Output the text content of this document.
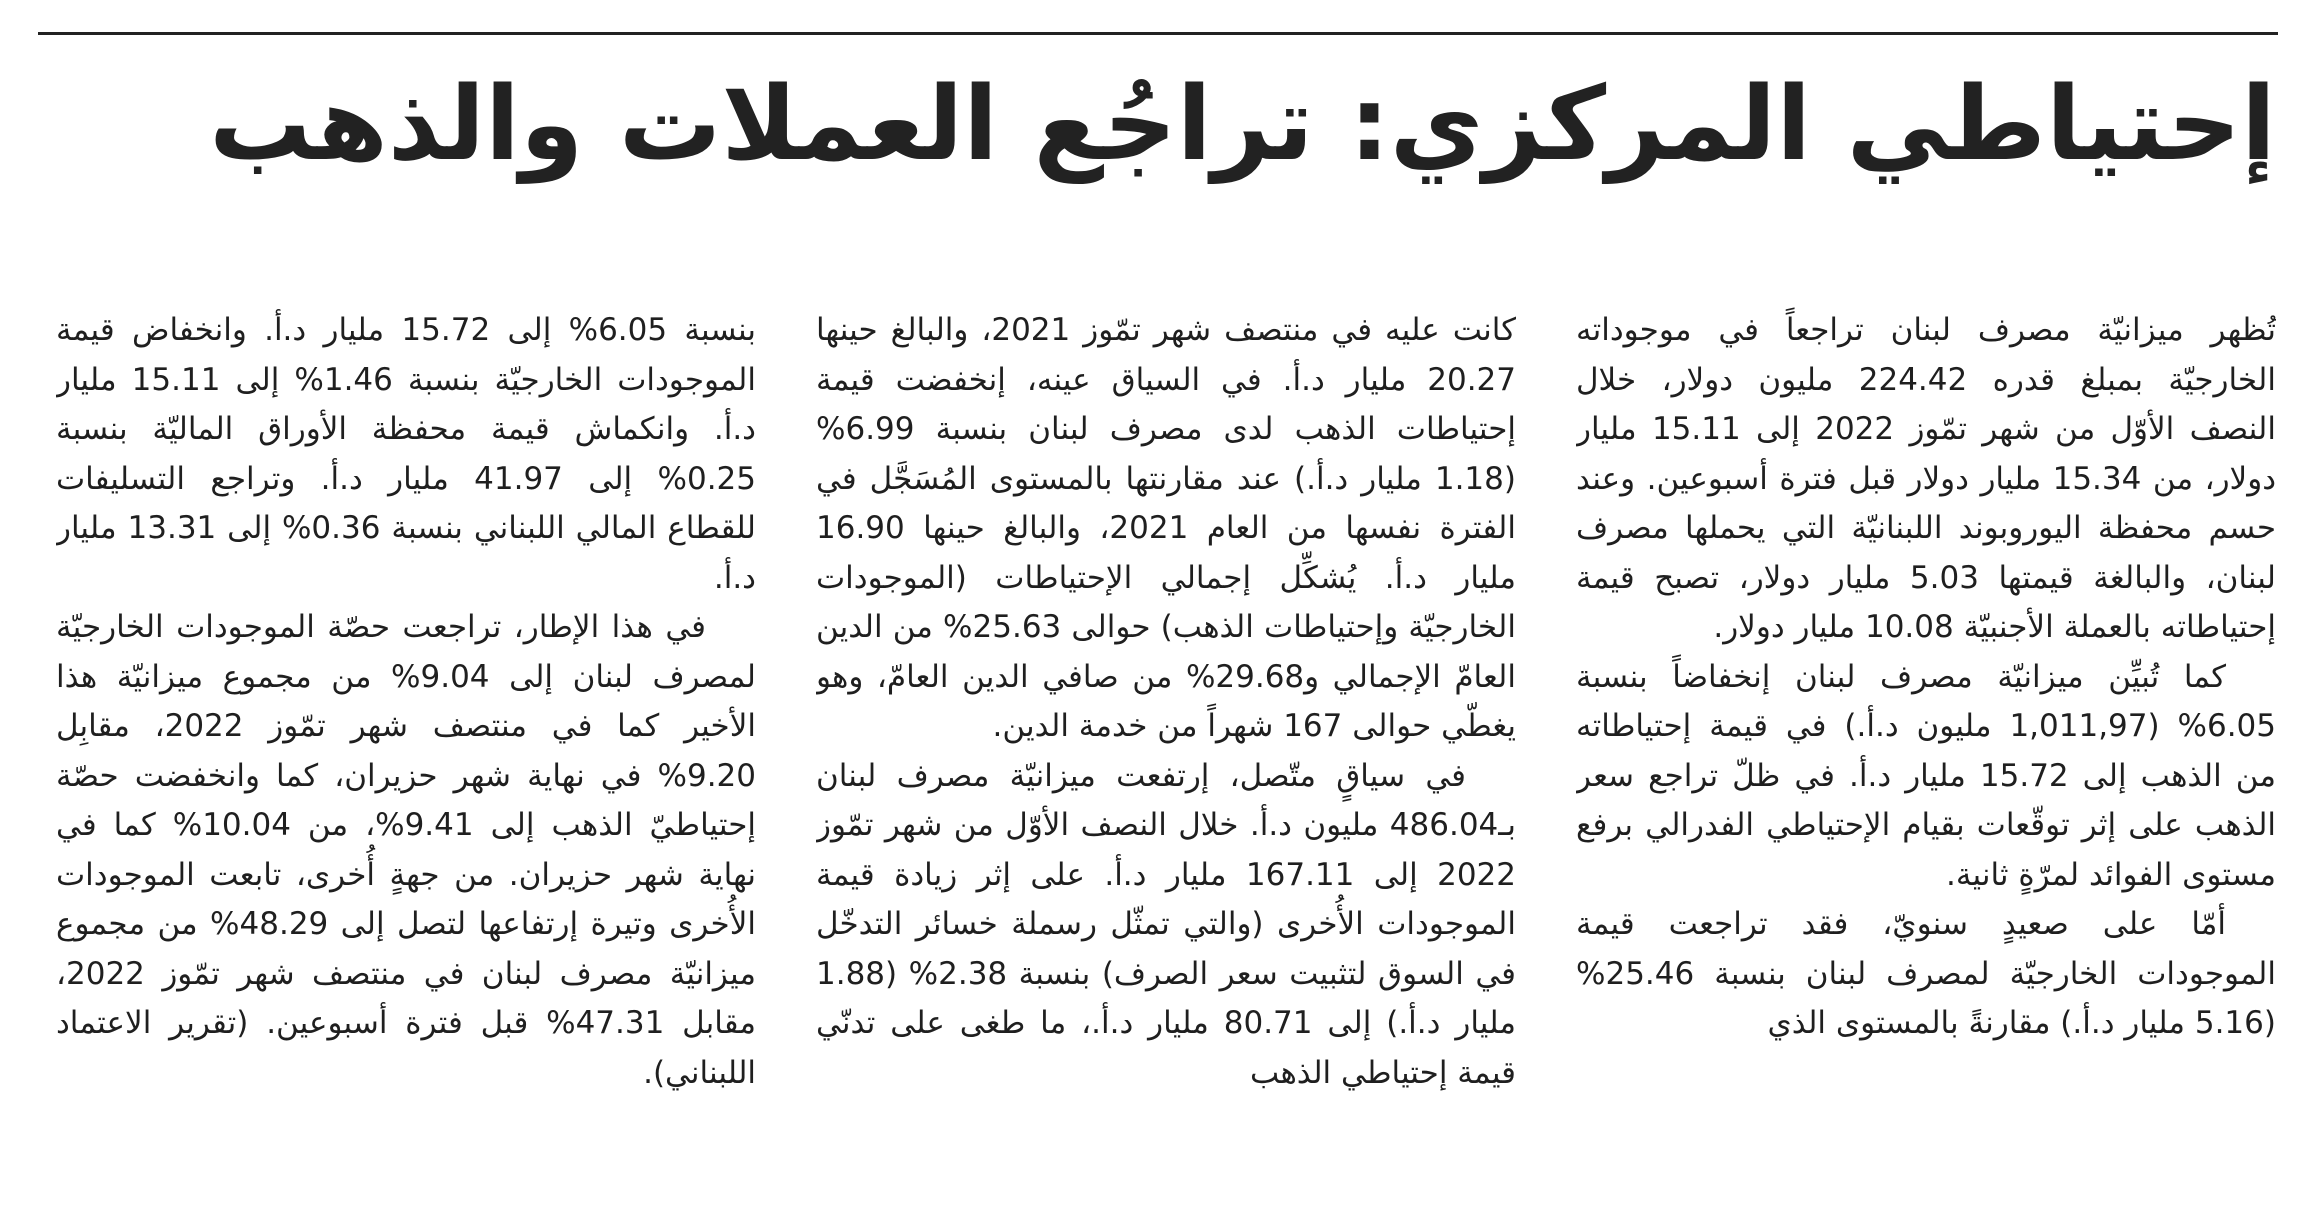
إحتياطي المركزي: تراجُع العملات والذهب

تُظهر ميزانيّة مصرف لبنان تراجعاً في موجوداته الخارجيّة بمبلغ قدره 224.42 مليون دولار، خلال النصف الأوّل من شهر تمّوز 2022 إلى 15.11 مليار دولار، من 15.34 مليار دولار قبل فترة أسبوعين. وعند حسم محفظة اليوروبوند اللبنانيّة التي يحملها مصرف لبنان، والبالغة قيمتها 5.03 مليار دولار، تصبح قيمة إحتياطاته بالعملة الأجنبيّة 10.08 مليار دولار.

كما تُبيِّن ميزانيّة مصرف لبنان إنخفاضاً بنسبة 6.05% (1,011,97 مليون د.أ.) في قيمة إحتياطاته من الذهب إلى 15.72 مليار د.أ. في ظلّ تراجع سعر الذهب على إثر توقّعات بقيام الإحتياطي الفدرالي برفع مستوى الفوائد لمرّةٍ ثانية.

أمّا على صعيدٍ سنويّ، فقد تراجعت قيمة الموجودات الخارجيّة لمصرف لبنان بنسبة 25.46% (5.16 مليار د.أ.) مقارنةً بالمستوى الذي

كانت عليه في منتصف شهر تمّوز 2021، والبالغ حينها 20.27 مليار د.أ. في السياق عينه، إنخفضت قيمة إحتياطات الذهب لدى مصرف لبنان بنسبة 6.99% (1.18 مليار د.أ.) عند مقارنتها بالمستوى المُسَجَّل في الفترة نفسها من العام 2021، والبالغ حينها 16.90 مليار د.أ. يُشكِّل إجمالي الإحتياطات (الموجودات الخارجيّة وإحتياطات الذهب) حوالى 25.63% من الدين العامّ الإجمالي و29.68% من صافي الدين العامّ، وهو يغطّي حوالى 167 شهراً من خدمة الدين.

في سياقٍ متّصل، إرتفعت ميزانيّة مصرف لبنان بـ486.04 مليون د.أ. خلال النصف الأوّل من شهر تمّوز 2022 إلى 167.11 مليار د.أ. على إثر زيادة قيمة الموجودات الأُخرى (والتي تمثّل رسملة خسائر التدخّل في السوق لتثبيت سعر الصرف) بنسبة 2.38% (1.88 مليار د.أ.) إلى 80.71 مليار د.أ.، ما طغى على تدنّي قيمة إحتياطي الذهب

بنسبة 6.05% إلى 15.72 مليار د.أ. وانخفاض قيمة الموجودات الخارجيّة بنسبة 1.46% إلى 15.11 مليار د.أ. وانكماش قيمة محفظة الأوراق الماليّة بنسبة 0.25% إلى 41.97 مليار د.أ. وتراجع التسليفات للقطاع المالي اللبناني بنسبة 0.36% إلى 13.31 مليار د.أ.

في هذا الإطار، تراجعت حصّة الموجودات الخارجيّة لمصرف لبنان إلى 9.04% من مجموع ميزانيّة هذا الأخير كما في منتصف شهر تمّوز 2022، مقابِل 9.20% في نهاية شهر حزيران، كما وانخفضت حصّة إحتياطيّ الذهب إلى 9.41%، من 10.04% كما في نهاية شهر حزيران. من جهةٍ أُخرى، تابعت الموجودات الأُخرى وتيرة إرتفاعها لتصل إلى 48.29% من مجموع ميزانيّة مصرف لبنان في منتصف شهر تمّوز 2022، مقابل 47.31% قبل فترة أسبوعين. (تقرير الاعتماد اللبناني).
